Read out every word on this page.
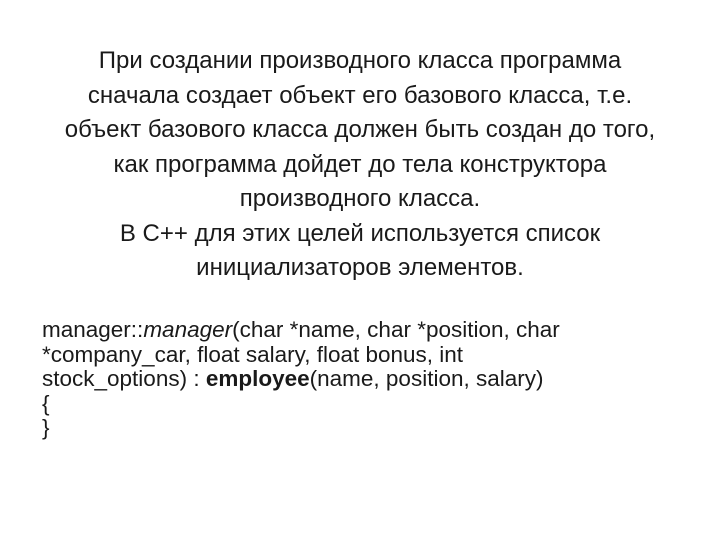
При создании производного класса программа
сначала создает объект его базового класса, т.е.
объект базового класса должен быть создан до того,
как программа дойдет до тела конструктора
производного класса.
В С++ для этих целей используется список
инициализаторов элементов.
manager::manager(char *name, char *position, char
*company_car, float salary, float bonus, int
stock_options) : employee(name, position, salary)
{
}
